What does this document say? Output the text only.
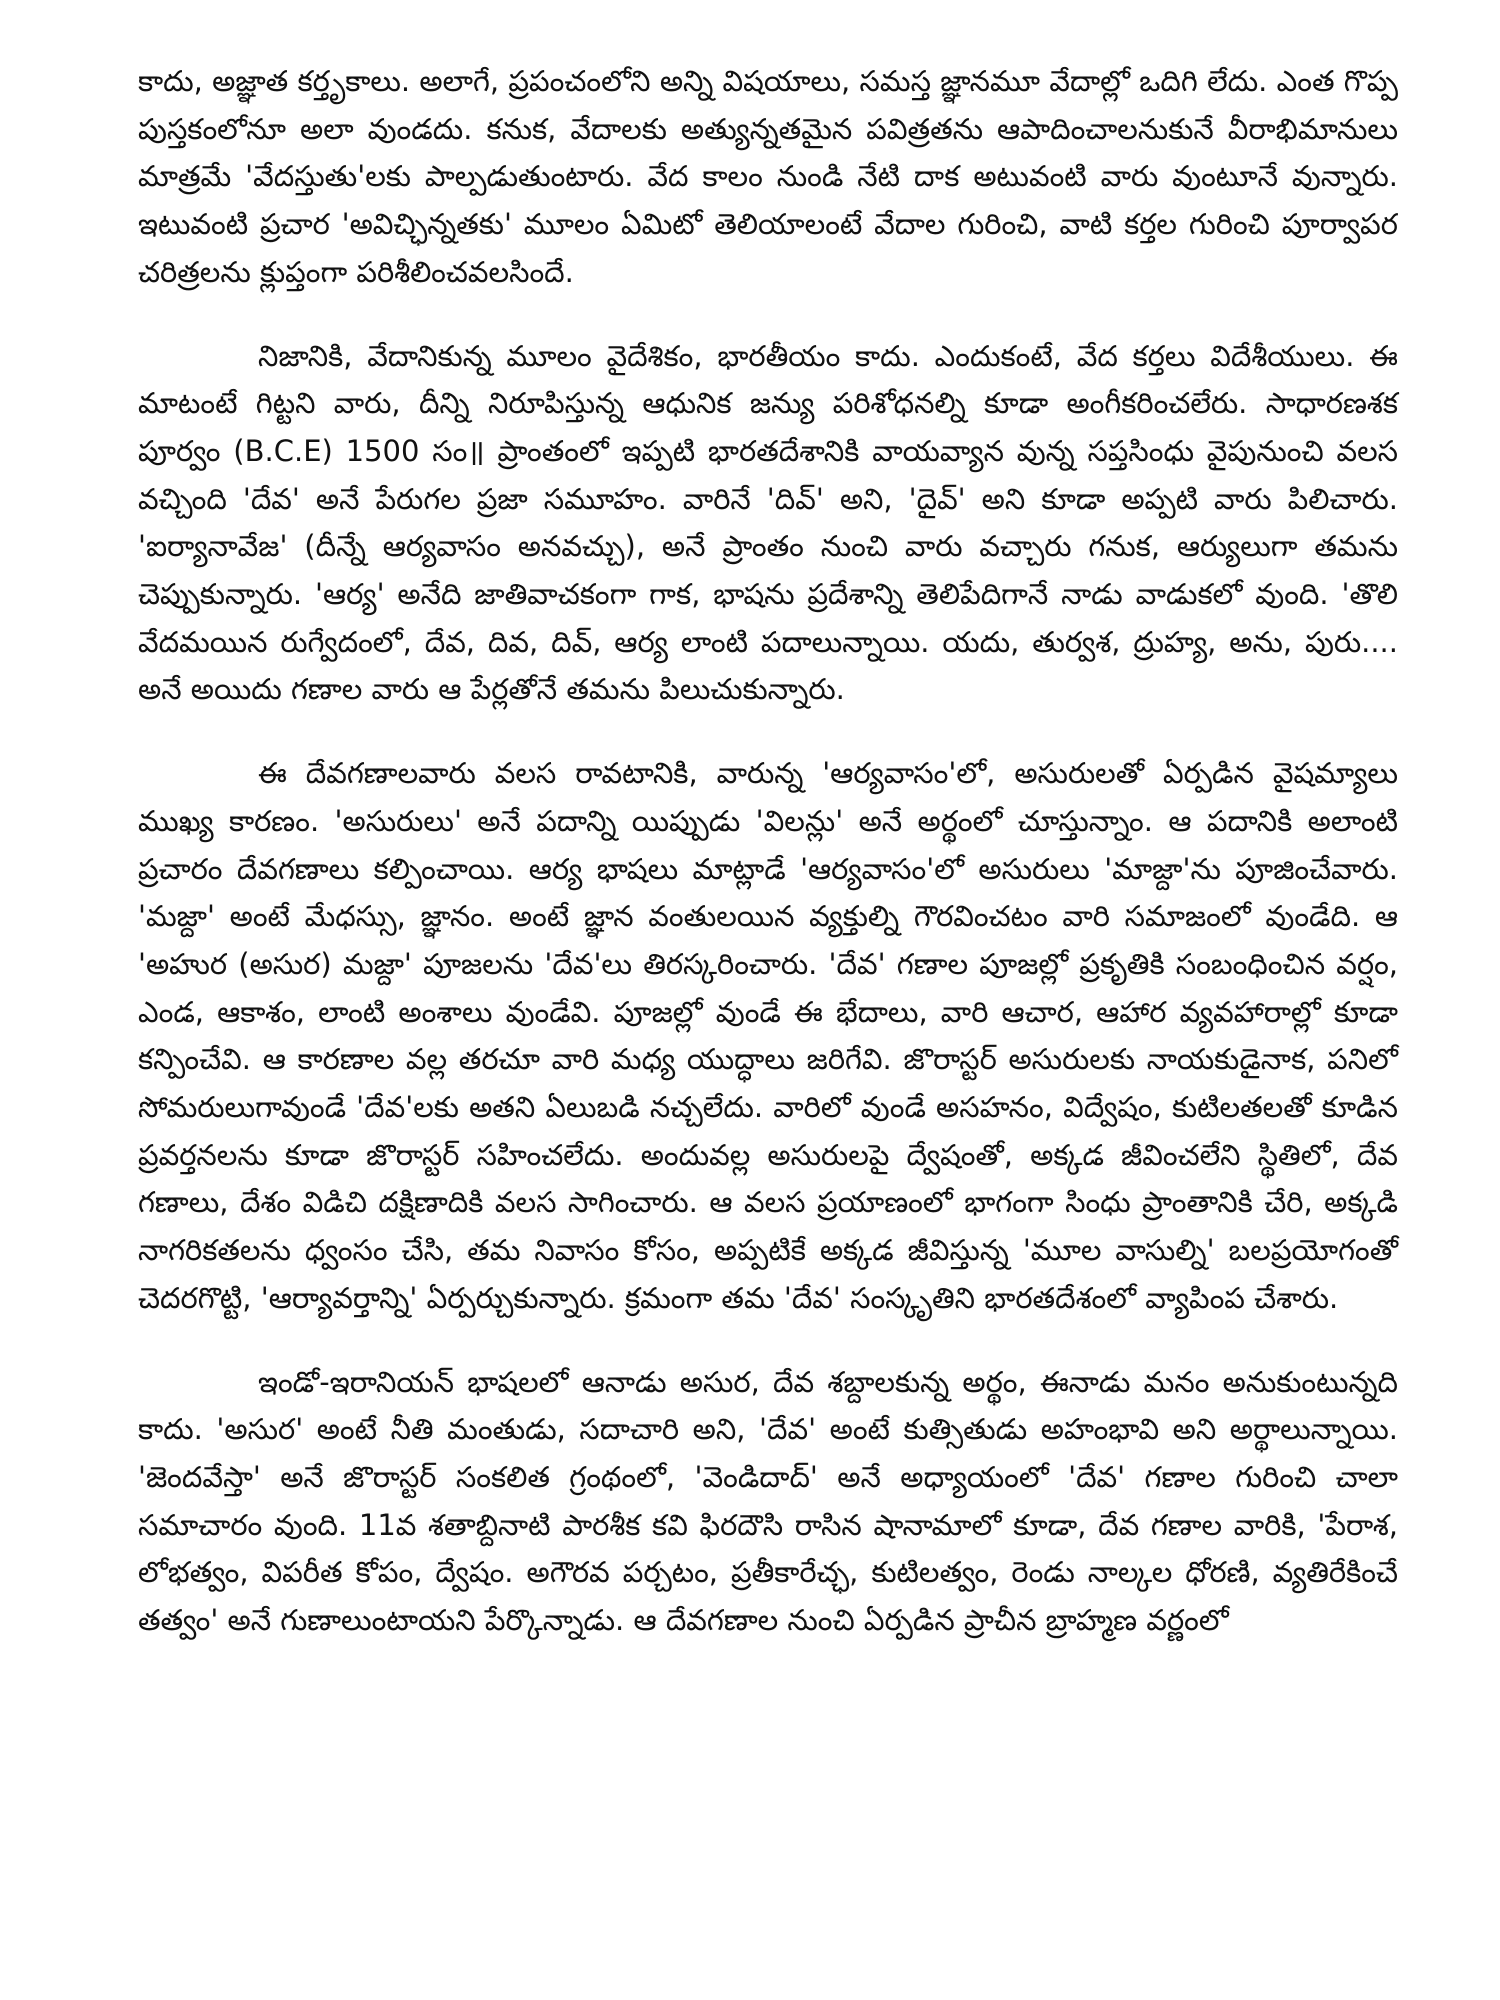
కాదు, అజ్ఞాత కర్తృకాలు. అలాగే, ప్రపంచంలోని అన్ని విషయాలు, సమస్త జ్ఞానమూ వేదాల్లో ఒదిగి లేదు. ఎంత గొప్ప పుస్తకంలోనూ అలా వుండదు. కనుక, వేదాలకు అత్యున్నతమైన పవిత్రతను ఆపాదించాలనుకునే వీరాభిమానులు మాత్రమే 'వేదస్తుతు'లకు పాల్పడుతుంటారు. వేద కాలం నుండి నేటి దాక అటువంటి వారు వుంటూనే వున్నారు. ఇటువంటి ప్రచార 'అవిచ్ఛిన్నతకు' మూలం ఏమిటో తెలియాలంటే వేదాల గురించి, వాటి కర్తల గురించి పూర్వాపర చరిత్రలను క్లుప్తంగా పరిశీలించవలసిందే.

నిజానికి, వేదానికున్న మూలం వైదేశికం, భారతీయం కాదు. ఎందుకంటే, వేద కర్తలు విదేశీయులు. ఈ మాటంటే గిట్టని వారు, దీన్ని నిరూపిస్తున్న ఆధునిక జన్యు పరిశోధనల్ని కూడా అంగీకరించలేరు. సాధారణశక పూర్వం (B.C.E) 1500 సం॥ ప్రాంతంలో ఇప్పటి భారతదేశానికి వాయవ్యాన వున్న సప్తసింధు వైపునుంచి వలస వచ్చింది 'దేవ' అనే పేరుగల ప్రజా సమూహం. వారినే 'దివ్' అని, 'దైవ్' అని కూడా అప్పటి వారు పిలిచారు. 'ఐర్యానావేజ' (దీన్నే ఆర్యవాసం అనవచ్చు), అనే ప్రాంతం నుంచి వారు వచ్చారు గనుక, ఆర్యులుగా తమను చెప్పుకున్నారు. 'ఆర్య' అనేది జాతివాచకంగా గాక, భాషను ప్రదేశాన్ని తెలిపేదిగానే నాడు వాడుకలో వుంది. 'తొలి వేదమయిన రుగ్వేదంలో, దేవ, దివ, దివ్, ఆర్య లాంటి పదాలున్నాయి. యదు, తుర్వశ, ద్రుహ్య, అను, పురు.... అనే అయిదు గణాల వారు ఆ పేర్లతోనే తమను పిలుచుకున్నారు.

ఈ దేవగణాలవారు వలస రావటానికి, వారున్న 'ఆర్యవాసం'లో, అసురులతో ఏర్పడిన వైషమ్యాలు ముఖ్య కారణం. 'అసురులు' అనే పదాన్ని యిప్పుడు 'విలన్లు' అనే అర్థంలో చూస్తున్నాం. ఆ పదానికి అలాంటి ప్రచారం దేవగణాలు కల్పించాయి. ఆర్య భాషలు మాట్లాడే 'ఆర్యవాసం'లో అసురులు 'మాజ్దా'ను పూజించేవారు. 'మజ్దా' అంటే మేధస్సు, జ్ఞానం. అంటే జ్ఞాన వంతులయిన వ్యక్తుల్ని గౌరవించటం వారి సమాజంలో వుండేది. ఆ 'అహుర (అసుర) మజ్దా' పూజలను 'దేవ'లు తిరస్కరించారు. 'దేవ' గణాల పూజల్లో ప్రకృతికి సంబంధించిన వర్షం, ఎండ, ఆకాశం, లాంటి అంశాలు వుండేవి. పూజల్లో వుండే ఈ భేదాలు, వారి ఆచార, ఆహార వ్యవహారాల్లో కూడా కన్పించేవి. ఆ కారణాల వల్ల తరచూ వారి మధ్య యుద్ధాలు జరిగేవి. జొరాస్టర్ అసురులకు నాయకుడైనాక, పనిలో సోమరులుగావుండే 'దేవ'లకు అతని ఏలుబడి నచ్చలేదు. వారిలో వుండే అసహనం, విద్వేషం, కుటిలతలతో కూడిన ప్రవర్తనలను కూడా జొరాస్టర్ సహించలేదు. అందువల్ల అసురులపై ద్వేషంతో, అక్కడ జీవించలేని స్థితిలో, దేవ గణాలు, దేశం విడిచి దక్షిణాదికి వలస సాగించారు. ఆ వలస ప్రయాణంలో భాగంగా సింధు ప్రాంతానికి చేరి, అక్కడి నాగరికతలను ధ్వంసం చేసి, తమ నివాసం కోసం, అప్పటికే అక్కడ జీవిస్తున్న 'మూల వాసుల్ని' బలప్రయోగంతో చెదరగొట్టి, 'ఆర్యావర్తాన్ని' ఏర్పర్చుకున్నారు. క్రమంగా తమ 'దేవ' సంస్కృతిని భారతదేశంలో వ్యాపింప చేశారు.

ఇండో-ఇరానియన్ భాషలలో ఆనాడు అసుర, దేవ శబ్దాలకున్న అర్థం, ఈనాడు మనం అనుకుంటున్నది కాదు. 'అసుర' అంటే నీతి మంతుడు, సదాచారి అని, 'దేవ' అంటే కుత్సితుడు అహంభావి అని అర్థాలున్నాయి. 'జెందవేస్తా' అనే జొరాస్టర్ సంకలిత గ్రంథంలో, 'వెండిదాద్' అనే అధ్యాయంలో 'దేవ' గణాల గురించి చాలా సమాచారం వుంది. 11వ శతాబ్దినాటి పారశీక కవి ఫిరదౌసి రాసిన షానామాలో కూడా, దేవ గణాల వారికి, 'పేరాశ, లోభత్వం, విపరీత కోపం, ద్వేషం. అగౌరవ పర్చటం, ప్రతీకారేచ్ఛ, కుటిలత్వం, రెండు నాల్కల ధోరణి, వ్యతిరేకించే తత్వం' అనే గుణాలుంటాయని పేర్కొన్నాడు. ఆ దేవగణాల నుంచి ఏర్పడిన ప్రాచీన బ్రాహ్మణ వర్ణంలో
